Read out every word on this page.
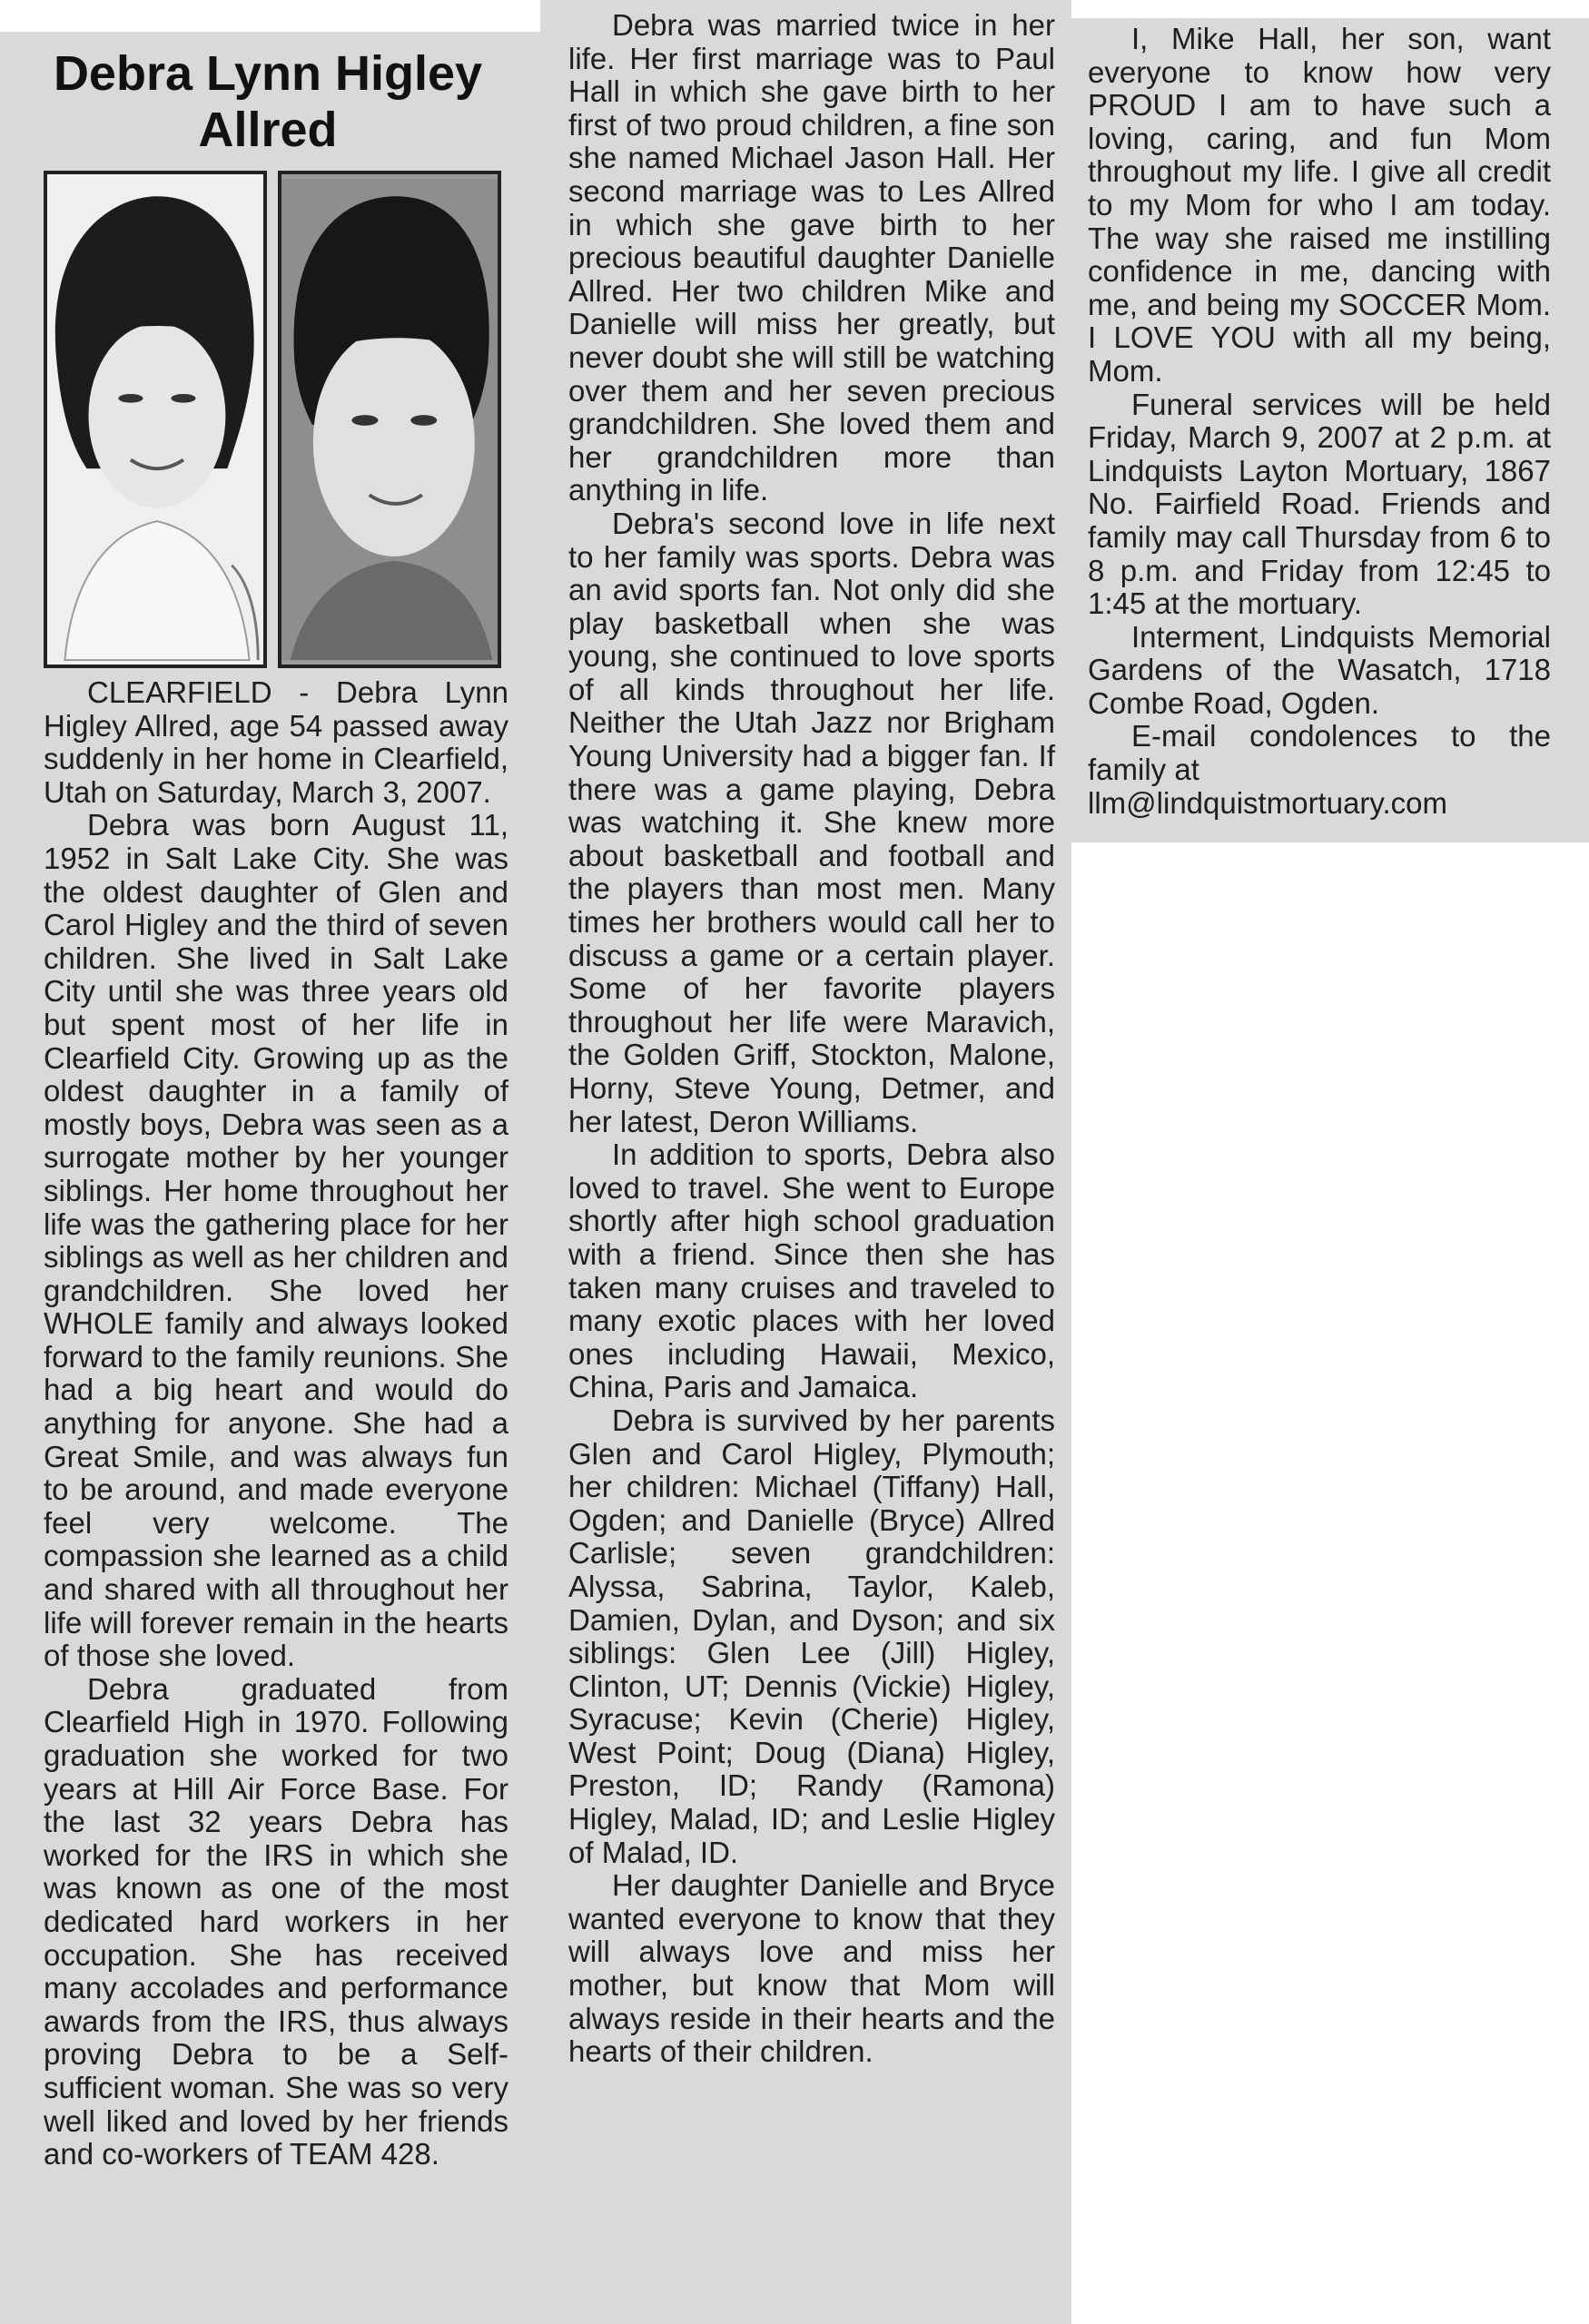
Debra Lynn Higley Allred

CLEARFIELD - Debra Lynn Higley Allred, age 54 passed away suddenly in her home in Clearfield, Utah on Saturday, March 3, 2007.

Debra was born August 11, 1952 in Salt Lake City. She was the oldest daughter of Glen and Carol Higley and the third of seven children. She lived in Salt Lake City until she was three years old but spent most of her life in Clearfield City. Growing up as the oldest daughter in a family of mostly boys, Debra was seen as a surrogate mother by her younger siblings. Her home throughout her life was the gathering place for her siblings as well as her children and grandchildren. She loved her WHOLE family and always looked forward to the family reunions. She had a big heart and would do anything for anyone. She had a Great Smile, and was always fun to be around, and made everyone feel very welcome. The compassion she learned as a child and shared with all throughout her life will forever remain in the hearts of those she loved.

Debra graduated from Clearfield High in 1970. Following graduation she worked for two years at Hill Air Force Base. For the last 32 years Debra has worked for the IRS in which she was known as one of the most dedicated hard workers in her occupation. She has received many accolades and performance awards from the IRS, thus always proving Debra to be a Self-sufficient woman. She was so very well liked and loved by her friends and co-workers of TEAM 428.

Debra was married twice in her life. Her first marriage was to Paul Hall in which she gave birth to her first of two proud children, a fine son she named Michael Jason Hall. Her second marriage was to Les Allred in which she gave birth to her precious beautiful daughter Danielle Allred. Her two children Mike and Danielle will miss her greatly, but never doubt she will still be watching over them and her seven precious grandchildren. She loved them and her grandchildren more than anything in life.

Debra's second love in life next to her family was sports. Debra was an avid sports fan. Not only did she play basketball when she was young, she continued to love sports of all kinds throughout her life. Neither the Utah Jazz nor Brigham Young University had a bigger fan. If there was a game playing, Debra was watching it. She knew more about basketball and football and the players than most men. Many times her brothers would call her to discuss a game or a certain player. Some of her favorite players throughout her life were Maravich, the Golden Griff, Stockton, Malone, Horny, Steve Young, Detmer, and her latest, Deron Williams.

In addition to sports, Debra also loved to travel. She went to Europe shortly after high school graduation with a friend. Since then she has taken many cruises and traveled to many exotic places with her loved ones including Hawaii, Mexico, China, Paris and Jamaica.

Debra is survived by her parents Glen and Carol Higley, Plymouth; her children: Michael (Tiffany) Hall, Ogden; and Danielle (Bryce) Allred Carlisle; seven grandchildren: Alyssa, Sabrina, Taylor, Kaleb, Damien, Dylan, and Dyson; and six siblings: Glen Lee (Jill) Higley, Clinton, UT; Dennis (Vickie) Higley, Syracuse; Kevin (Cherie) Higley, West Point; Doug (Diana) Higley, Preston, ID; Randy (Ramona) Higley, Malad, ID; and Leslie Higley of Malad, ID.

Her daughter Danielle and Bryce wanted everyone to know that they will always love and miss her mother, but know that Mom will always reside in their hearts and the hearts of their children.

I, Mike Hall, her son, want everyone to know how very PROUD I am to have such a loving, caring, and fun Mom throughout my life. I give all credit to my Mom for who I am today. The way she raised me instilling confidence in me, dancing with me, and being my SOCCER Mom. I LOVE YOU with all my being, Mom.

Funeral services will be held Friday, March 9, 2007 at 2 p.m. at Lindquists Layton Mortuary, 1867 No. Fairfield Road. Friends and family may call Thursday from 6 to 8 p.m. and Friday from 12:45 to 1:45 at the mortuary.

Interment, Lindquists Memorial Gardens of the Wasatch, 1718 Combe Road, Ogden.

E-mail condolences to the family at

llm@lindquistmortuary.com
